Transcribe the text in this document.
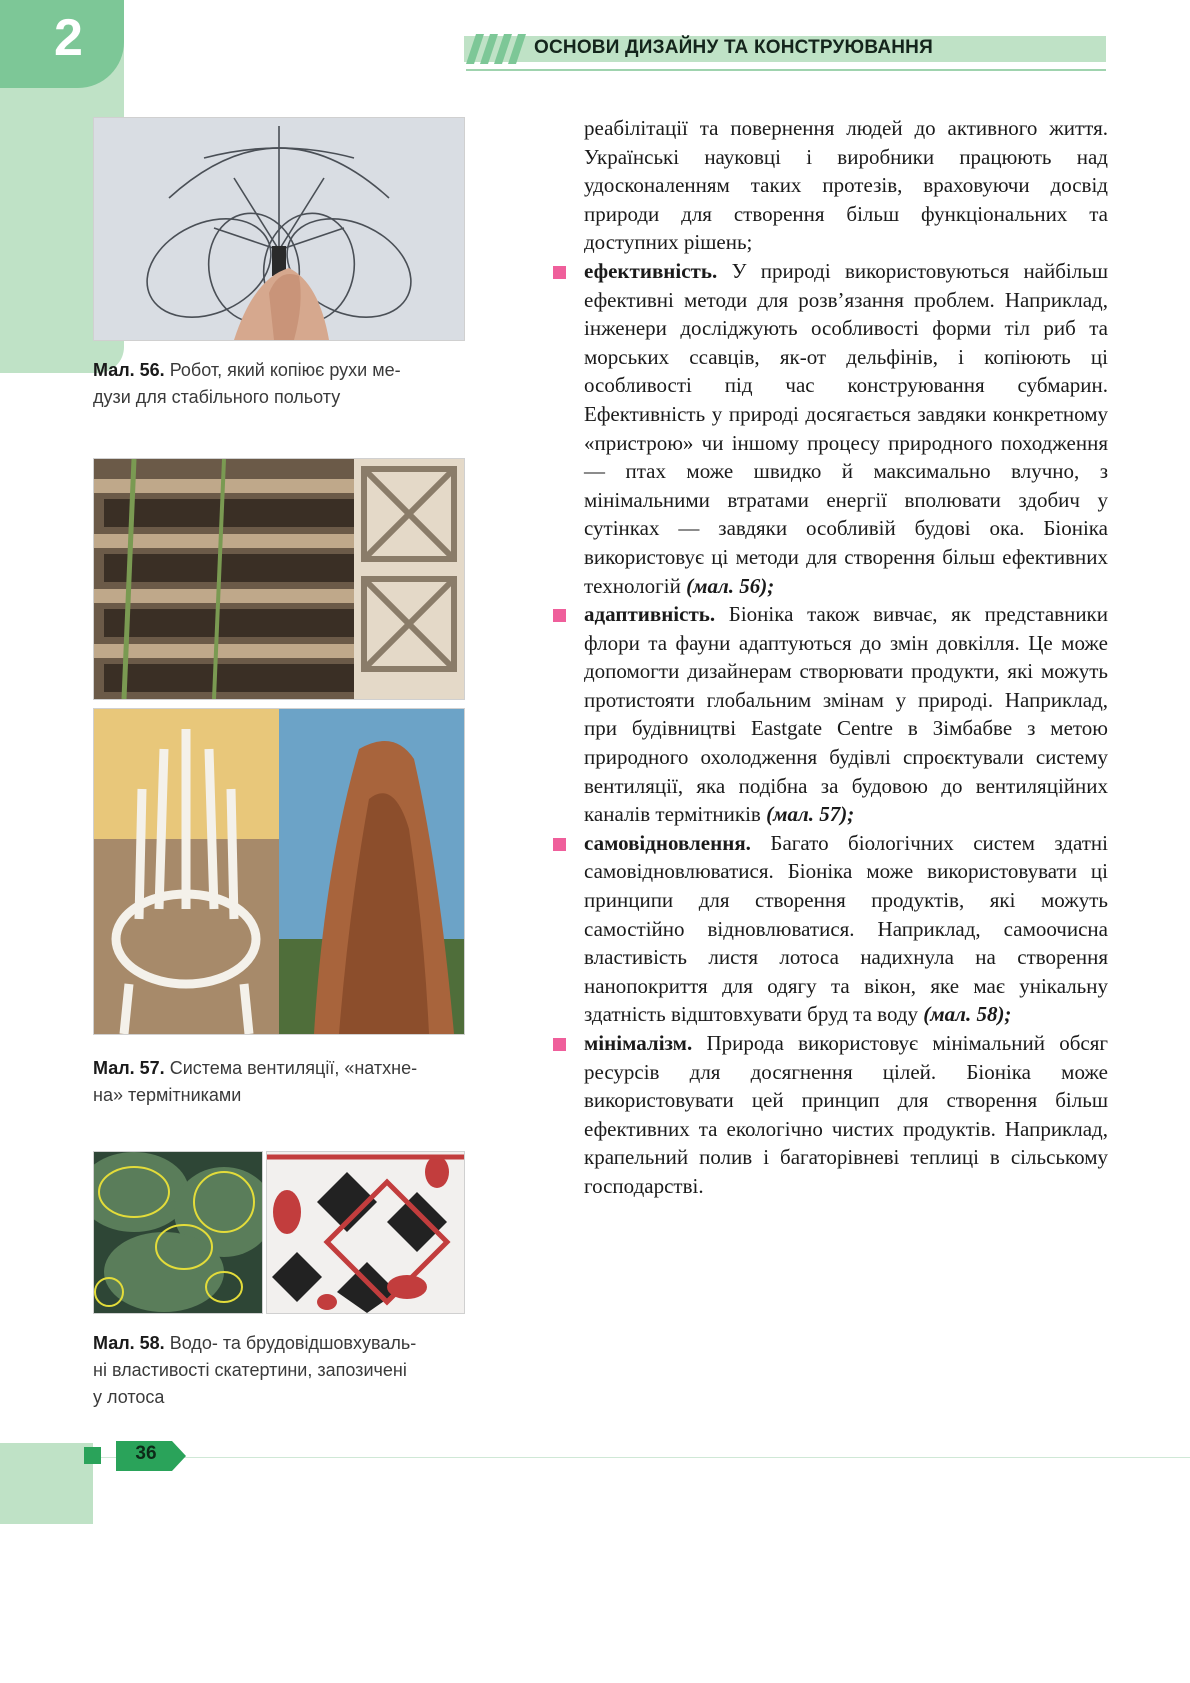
2	ОСНОВИ ДИЗАЙНУ ТА КОНСТРУЮВАННЯ
Мал. 56. Робот, який копіює рухи ме-
дузи для стабільного польоту
Мал. 57. Система вентиляції, «натхне-
на» термітниками
Мал. 58. Водо- та брудовідшовхуваль-
ні властивості скатертини, запозичені
у лотоса

реабілітації та повернення людей до активного життя. Українські науковці і виробники працюють над удосконаленням таких протезів, враховуючи досвід природи для створення більш функціональних та доступних рішень;

ефективність. У природі використовуються найбільш ефективні методи для розв’язання проблем. Наприклад, інженери досліджують особливості форми тіл риб та морських ссавців, як-от дельфінів, і копіюють ці особливості під час конструювання субмарин. Ефективність у природі досягається завдяки конкретному «пристрою» чи іншому процесу природного походження — птах може швидко й максимально влучно, з мінімальними втратами енергії вполювати здобич у сутінках — завдяки особливій будові ока. Біоніка використовує ці методи для створення більш ефективних технологій (мал. 56);

адаптивність. Біоніка також вивчає, як представники флори та фауни адаптуються до змін довкілля. Це може допомогти дизайнерам створювати продукти, які можуть протистояти глобальним змінам у природі. Наприклад, при будівництві Eastgate Centre в Зімбабве з метою природного охолодження будівлі спроєктували систему вентиляції, яка подібна за будовою до вентиляційних каналів термітників (мал. 57);

самовідновлення. Багато біологічних систем здатні самовідновлюватися. Біоніка може використовувати ці принципи для створення продуктів, які можуть самостійно відновлюватися. Наприклад, самоочисна властивість листя лотоса надихнула на створення нанопокриття для одягу та вікон, яке має унікальну здатність відштовхувати бруд та воду (мал. 58);

мінімалізм. Природа використовує мінімальний обсяг ресурсів для досягнення цілей. Біоніка може використовувати цей принцип для створення більш ефективних та екологічно чистих продуктів. Наприклад, крапельний полив і багаторівневі теплиці в сільському господарстві.

36
